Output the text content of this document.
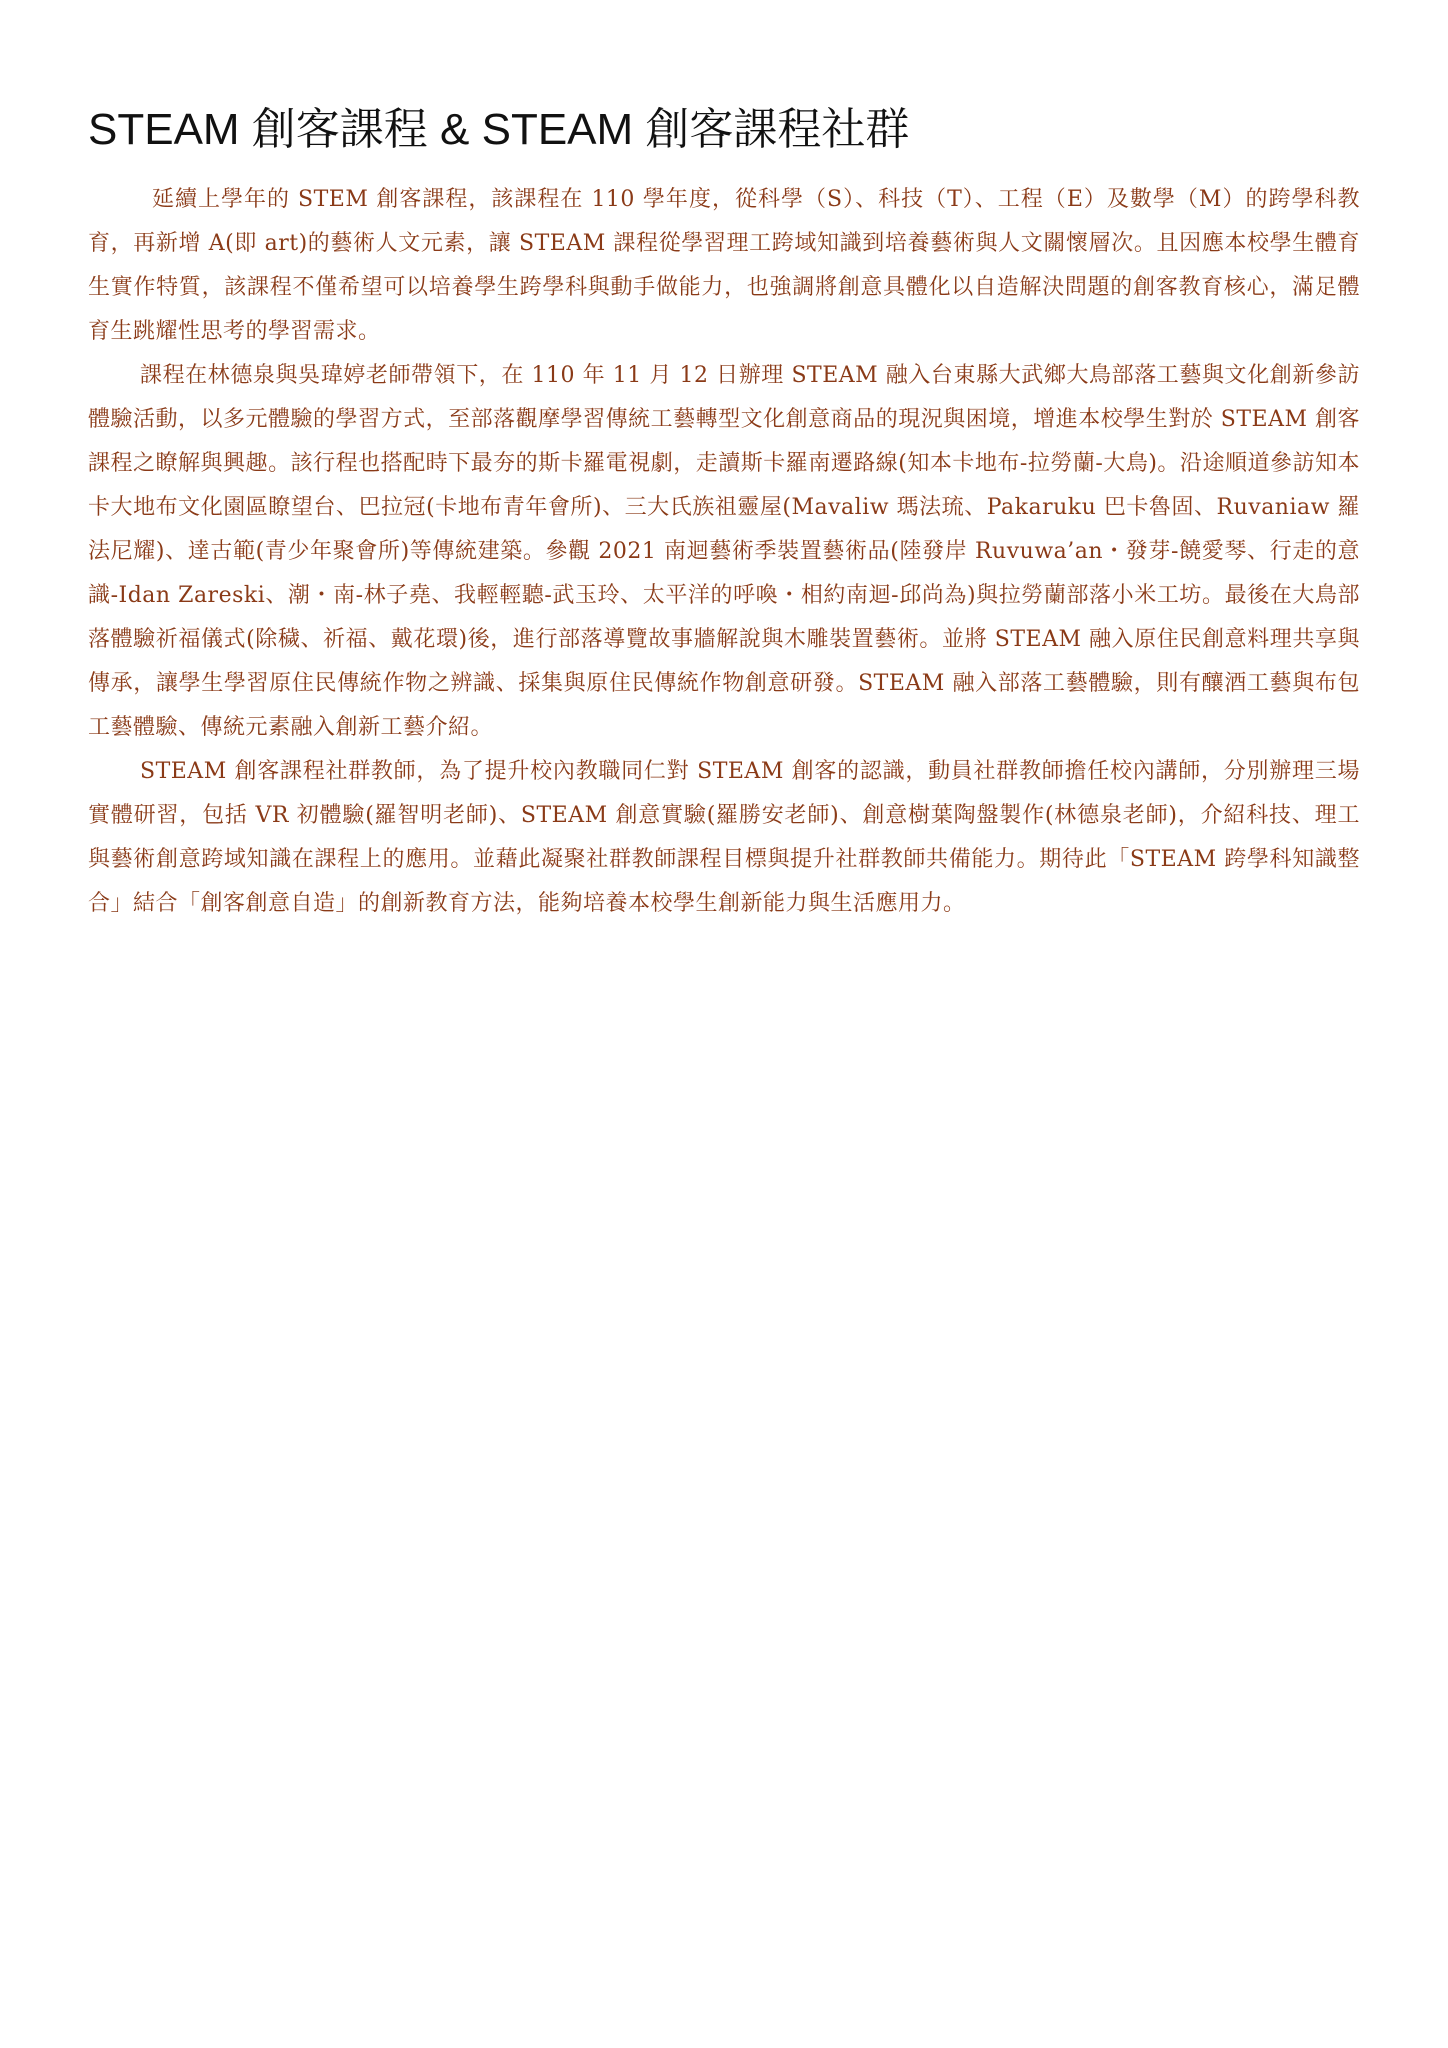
STEAM 創客課程 & STEAM 創客課程社群

延續上學年的 STEM 創客課程，該課程在 110 學年度，從科學（S）、科技（T）、工程（E）及數學（M）的跨學科教育，再新增 A(即 art)的藝術人文元素，讓 STEAM 課程從學習理工跨域知識到培養藝術與人文關懷層次。且因應本校學生體育生實作特質，該課程不僅希望可以培養學生跨學科與動手做能力，也強調將創意具體化以自造解決問題的創客教育核心，滿足體育生跳耀性思考的學習需求。

課程在林德泉與吳瑋婷老師帶領下，在 110 年 11 月 12 日辦理 STEAM 融入台東縣大武鄉大鳥部落工藝與文化創新參訪體驗活動，以多元體驗的學習方式，至部落觀摩學習傳統工藝轉型文化創意商品的現況與困境，增進本校學生對於 STEAM 創客課程之瞭解與興趣。該行程也搭配時下最夯的斯卡羅電視劇，走讀斯卡羅南遷路線(知本卡地布-拉勞蘭-大鳥)。沿途順道參訪知本卡大地布文化園區瞭望台、巴拉冠(卡地布青年會所)、三大氏族祖靈屋(Mavaliw 瑪法琉、Pakaruku 巴卡魯固、Ruvaniaw 羅法尼耀)、達古範(青少年聚會所)等傳統建築。參觀 2021 南迴藝術季裝置藝術品(陸發岸 Ruvuwa’an・發芽-饒愛琴、行走的意識-Idan Zareski、潮・南-林子堯、我輕輕聽-武玉玲、太平洋的呼喚・相約南迴-邱尚為)與拉勞蘭部落小米工坊。最後在大鳥部落體驗祈福儀式(除穢、祈福、戴花環)後，進行部落導覽故事牆解說與木雕裝置藝術。並將 STEAM 融入原住民創意料理共享與傳承，讓學生學習原住民傳統作物之辨識、採集與原住民傳統作物創意研發。STEAM 融入部落工藝體驗，則有釀酒工藝與布包工藝體驗、傳統元素融入創新工藝介紹。

STEAM 創客課程社群教師，為了提升校內教職同仁對 STEAM 創客的認識，動員社群教師擔任校內講師，分別辦理三場實體研習，包括 VR 初體驗(羅智明老師)、STEAM 創意實驗(羅勝安老師)、創意樹葉陶盤製作(林德泉老師)，介紹科技、理工與藝術創意跨域知識在課程上的應用。並藉此凝聚社群教師課程目標與提升社群教師共備能力。期待此「STEAM 跨學科知識整合」結合「創客創意自造」的創新教育方法，能夠培養本校學生創新能力與生活應用力。
